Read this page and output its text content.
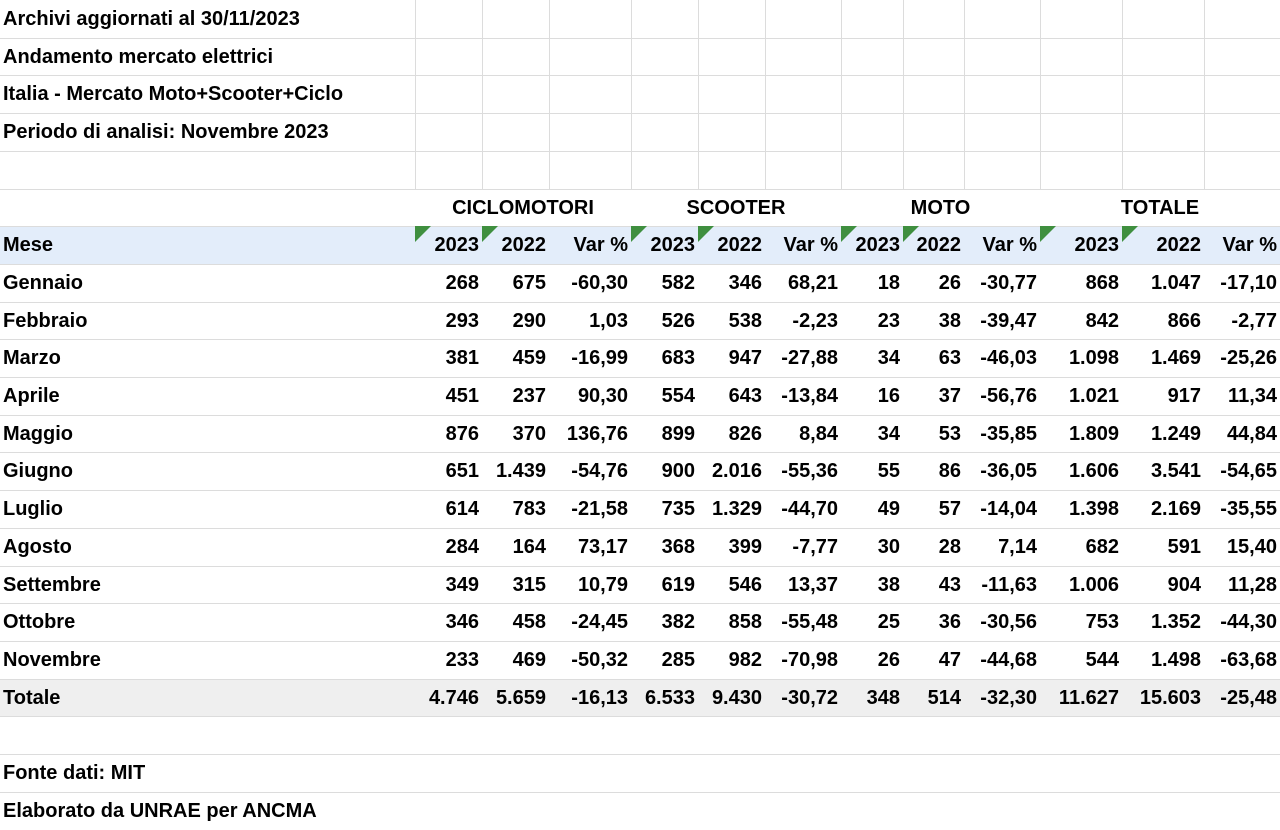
Archivi aggiornati al 30/11/2023
Andamento mercato elettrici
Italia - Mercato Moto+Scooter+Ciclo
Periodo di analisi: Novembre 2023
CICLOMOTORI	SCOOTER	MOTO	TOTALE
Mese	2023	2022	Var %	2023	2022	Var % 2023 2022	Var %	2023	2022	Var %
Gennaio	268	675	-60,30	582	346	68,21	18	26 -30,77	868	1.047 -17,10
Febbraio	293	290	1,03	526	538	-2,23	23	38 -39,47	842	866	-2,77
Marzo	381	459	-16,99	683	947 -27,88	34	63 -46,03	1.098	1.469 -25,26
Aprile	451	237	90,30	554	643 -13,84	16	37 -56,76	1.021	917	11,34
Maggio	876	370	136,76	899	826	8,84	34	53 -35,85	1.809	1.249	44,84
Giugno	651 1.439	-54,76	900 2.016 -55,36	55	86 -36,05	1.606	3.541 -54,65
Luglio	614	783	-21,58	735 1.329 -44,70	49	57 -14,04	1.398	2.169 -35,55
Agosto	284	164	73,17	368	399	-7,77	30	28	7,14	682	591	15,40
Settembre	349	315	10,79	619	546	13,37	38	43	-11,63	1.006	904	11,28
Ottobre	346	458	-24,45	382	858 -55,48	25	36 -30,56	753	1.352 -44,30
Novembre	233	469	-50,32	285	982 -70,98	26	47 -44,68	544	1.498 -63,68
Totale	4.746 5.659	-16,13 6.533 9.430 -30,72	348	514 -32,30	11.627	15.603 -25,48
Fonte dati: MIT
Elaborato da UNRAE per ANCMA
